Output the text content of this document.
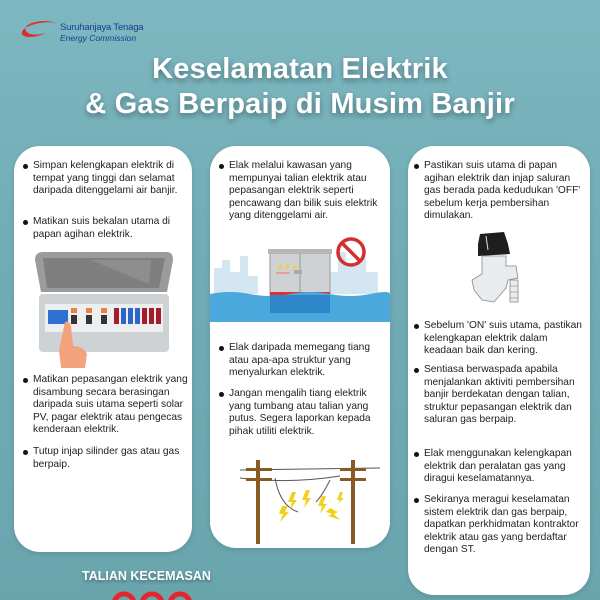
Suruhanjaya Tenaga
Energy Commission
Keselamatan Elektrik
& Gas Berpaip di Musim Banjir
Simpan kelengkapan elektrik di tempat yang tinggi dan selamat daripada ditenggelami air banjir.
Matikan suis bekalan utama di papan agihan elektrik.
Matikan pepasangan elektrik yang disambung secara berasingan daripada suis utama seperti solar PV, pagar elektrik atau pengecas kenderaan elektrik.
Tutup injap silinder gas atau gas berpaip.
Elak melalui kawasan yang mempunyai talian elektrik atau pepasangan elektrik seperti pencawang dan bilik suis elektrik yang ditenggelami air.
⚡⚡⚡
Elak daripada memegang tiang atau apa-apa struktur yang menyalurkan elektrik.
Jangan mengalih tiang elektrik yang tumbang atau talian yang putus. Segera laporkan kepada pihak utiliti elektrik.
Pastikan suis utama di papan agihan elektrik dan injap saluran gas berada pada kedudukan 'OFF' sebelum kerja pembersihan dimulakan.
Sebelum 'ON' suis utama, pastikan kelengkapan elektrik dalam keadaan baik dan kering.
Sentiasa berwaspada apabila menjalankan aktiviti pembersihan banjir berdekatan dengan talian, struktur pepasangan elektrik dan saluran gas berpaip.
Elak menggunakan kelengkapan elektrik dan peralatan gas yang diragui keselamatannya.
Sekiranya meragui keselamatan sistem elektrik dan gas berpaip, dapatkan perkhidmatan kontraktor elektrik atau gas yang berdaftar dengan ST.
TALIAN KECEMASAN
